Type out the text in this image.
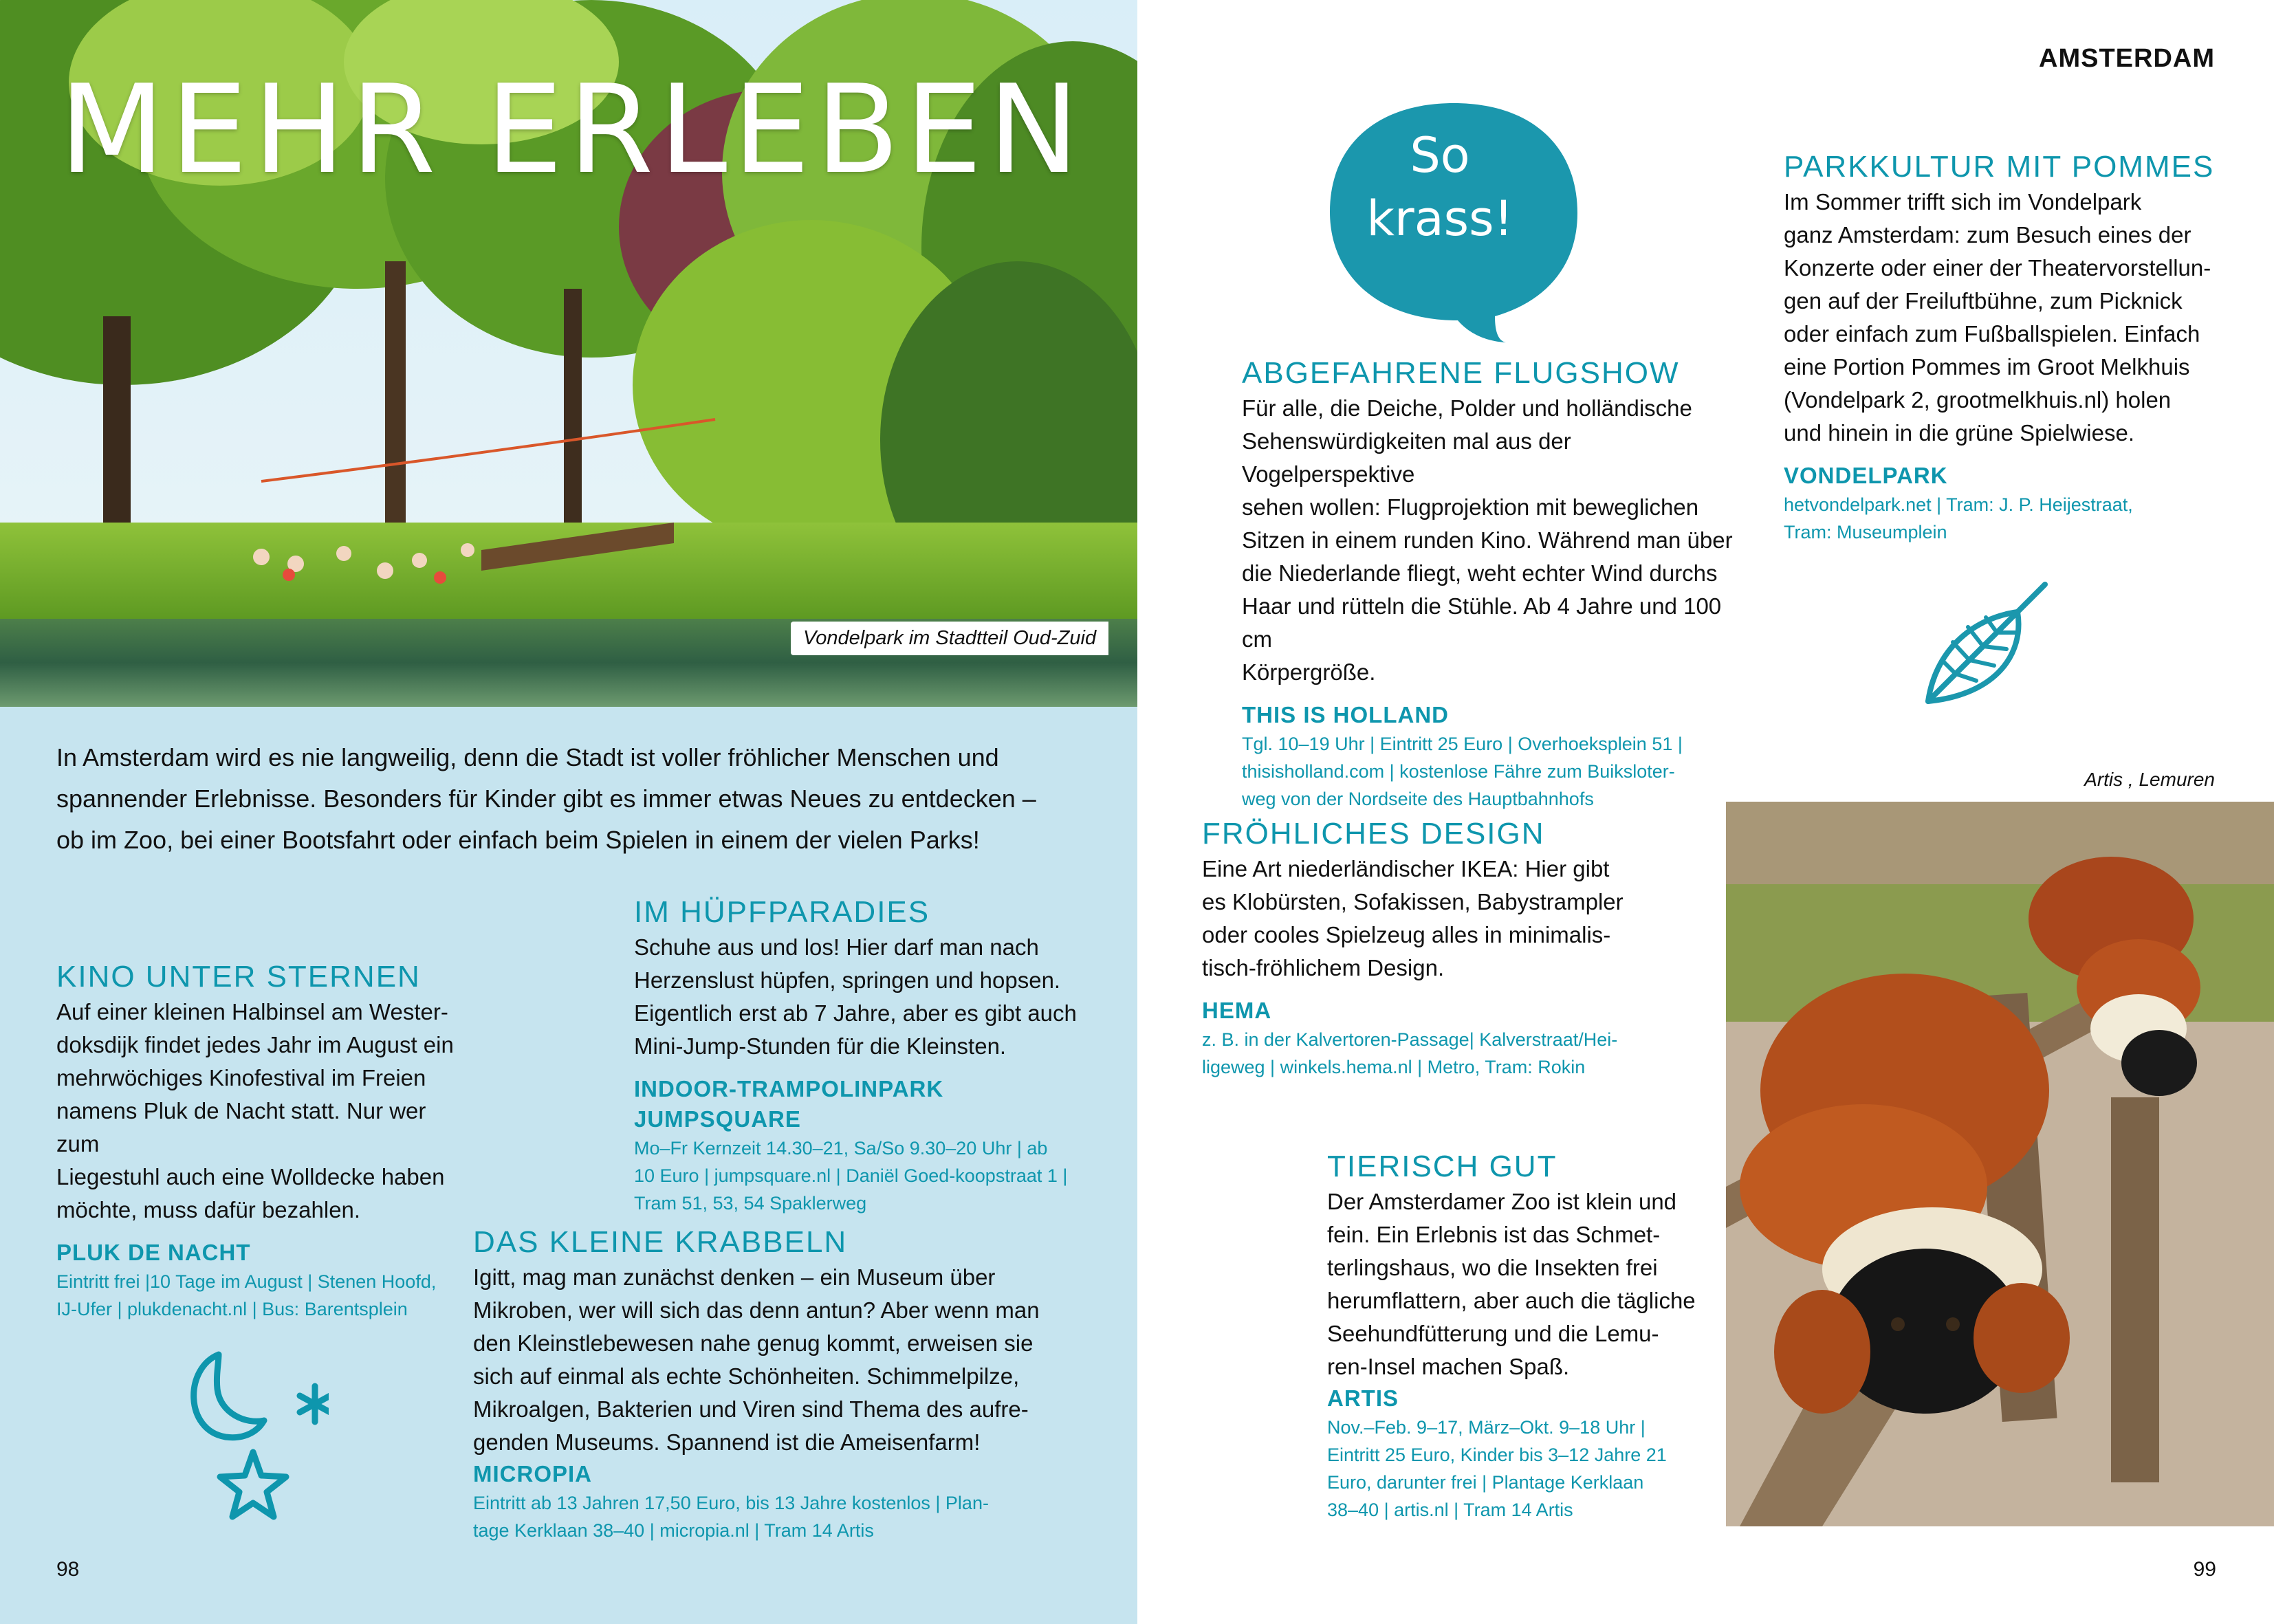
MEHR ERLEBEN
Vondelpark im Stadtteil Oud-Zuid

In Amsterdam wird es nie langweilig, denn die Stadt ist voller fröhlicher Menschen und spannender Erlebnisse. Besonders für Kinder gibt es immer etwas Neues zu entdecken – ob im Zoo, bei einer Bootsfahrt oder einfach beim Spielen in einem der vielen Parks!

KINO UNTER STERNEN

Auf einer kleinen Halbinsel am Wester-
doksdijk findet jedes Jahr im August ein
mehrwöchiges Kinofestival im Freien
namens Pluk de Nacht statt. Nur wer zum
Liegestuhl auch eine Wolldecke haben
möchte, muss dafür bezahlen.

PLUK DE NACHT

Eintritt frei |10 Tage im August | Stenen Hoofd,
IJ-Ufer | plukdenacht.nl | Bus: Barentsplein

IM HÜPFPARADIES

Schuhe aus und los! Hier darf man nach
Herzenslust hüpfen, springen und hopsen.
Eigentlich erst ab 7 Jahre, aber es gibt auch
Mini-Jump-Stunden für die Kleinsten.

INDOOR-TRAMPOLINPARK JUMPSQUARE

Mo–Fr Kernzeit 14.30–21, Sa/So 9.30–20 Uhr | ab
10 Euro | jumpsquare.nl | Daniël Goed-koopstraat 1 |
Tram 51, 53, 54 Spaklerweg

DAS KLEINE KRABBELN

Igitt, mag man zunächst denken – ein Museum über
Mikroben, wer will sich das denn antun? Aber wenn man
den Kleinstlebewesen nahe genug kommt, erweisen sie
sich auf einmal als echte Schönheiten. Schimmelpilze,
Mikroalgen, Bakterien und Viren sind Thema des aufre-
genden Museums. Spannend ist die Ameisenfarm!

MICROPIA

Eintritt ab 13 Jahren 17,50 Euro, bis 13 Jahre kostenlos | Plan-
tage Kerklaan 38–40 | micropia.nl | Tram 14 Artis

98
AMSTERDAM
So
krass!
ABGEFAHRENE FLUGSHOW

Für alle, die Deiche, Polder und holländische
Sehenswürdigkeiten mal aus der Vogelperspektive
sehen wollen: Flugprojektion mit beweglichen
Sitzen in einem runden Kino. Während man über
die Niederlande fliegt, weht echter Wind durchs
Haar und rütteln die Stühle. Ab 4 Jahre und 100 cm
Körpergröße.

THIS IS HOLLAND

Tgl. 10–19 Uhr | Eintritt 25 Euro | Overhoeksplein 51 |
thisisholland.com | kostenlose Fähre zum Buiksloter-
weg von der Nordseite des Hauptbahnhofs

PARKKULTUR MIT POMMES

Im Sommer trifft sich im Vondelpark
ganz Amsterdam: zum Besuch eines der
Konzerte oder einer der Theatervorstellun-
gen auf der Freiluftbühne, zum Picknick
oder einfach zum Fußballspielen. Einfach
eine Portion Pommes im Groot Melkhuis
(Vondelpark 2, grootmelkhuis.nl) holen
und hinein in die grüne Spielwiese.

VONDELPARK

hetvondelpark.net | Tram: J. P. Heijestraat,
Tram: Museumplein

FRÖHLICHES DESIGN

Eine Art niederländischer IKEA: Hier gibt
es Klobürsten, Sofakissen, Babystrampler
oder cooles Spielzeug alles in minimalis-
tisch-fröhlichem Design.

HEMA

z. B. in der Kalvertoren-Passage| Kalverstraat/Hei-
ligeweg | winkels.hema.nl | Metro, Tram: Rokin

TIERISCH GUT

Der Amsterdamer Zoo ist klein und
fein. Ein Erlebnis ist das Schmet-
terlingshaus, wo die Insekten frei
herumflattern, aber auch die tägliche
Seehundfütterung und die Lemu-
ren-Insel machen Spaß.

ARTIS

Nov.–Feb. 9–17, März–Okt. 9–18 Uhr |
Eintritt 25 Euro, Kinder bis 3–12 Jahre 21
Euro, darunter frei | Plantage Kerklaan
38–40 | artis.nl | Tram 14 Artis

Artis , Lemuren
99
